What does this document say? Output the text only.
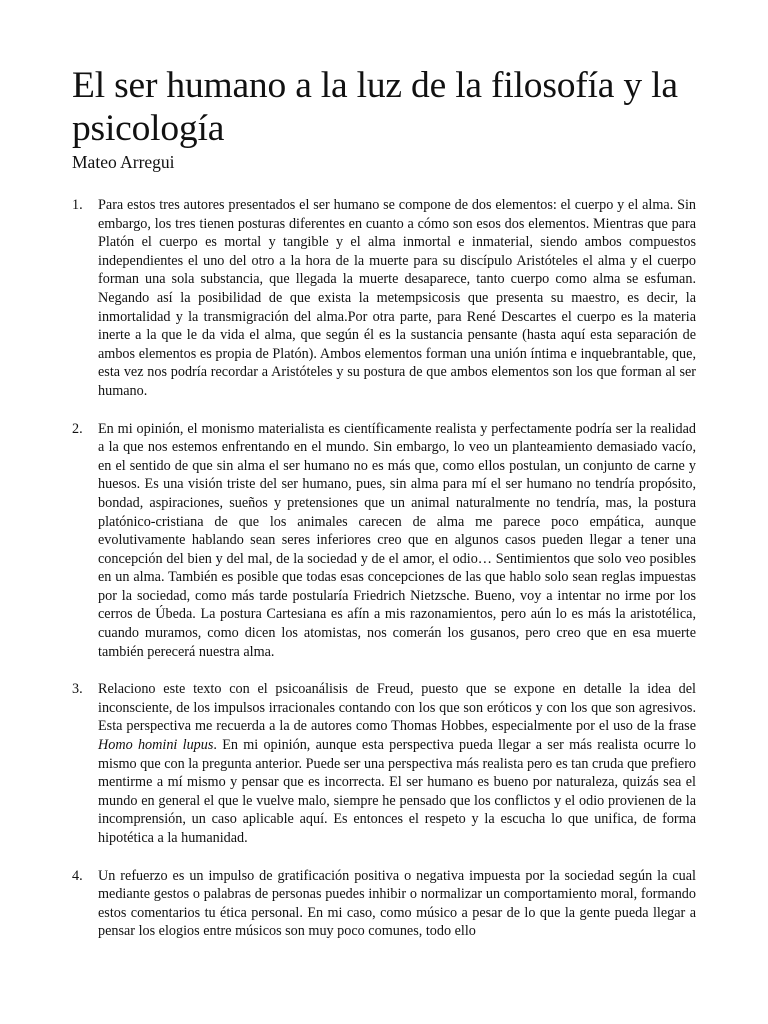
El ser humano a la luz de la filosofía y la psicología
Mateo Arregui
1. Para estos tres autores presentados el ser humano se compone de dos elementos: el cuerpo y el alma. Sin embargo, los tres tienen posturas diferentes en cuanto a cómo son esos dos elementos. Mientras que para Platón el cuerpo es mortal y tangible y el alma inmortal e inmaterial, siendo ambos compuestos independientes el uno del otro a la hora de la muerte para su discípulo Aristóteles el alma y el cuerpo forman una sola substancia, que llegada la muerte desaparece, tanto cuerpo como alma se esfuman. Negando así la posibilidad de que exista la metempsicosis que presenta su maestro, es decir, la inmortalidad y la transmigración del alma.Por otra parte, para René Descartes el cuerpo es la materia inerte a la que le da vida el alma, que según él es la sustancia pensante (hasta aquí esta separación de ambos elementos es propia de Platón). Ambos elementos forman una unión íntima e inquebrantable, que, esta vez nos podría recordar a Aristóteles y su postura de que ambos elementos son los que forman al ser humano.
2. En mi opinión, el monismo materialista es científicamente realista y perfectamente podría ser la realidad a la que nos estemos enfrentando en el mundo. Sin embargo, lo veo un planteamiento demasiado vacío, en el sentido de que sin alma el ser humano no es más que, como ellos postulan, un conjunto de carne y huesos. Es una visión triste del ser humano, pues, sin alma para mí el ser humano no tendría propósito, bondad, aspiraciones, sueños y pretensiones que un animal naturalmente no tendría, mas, la postura platónico-cristiana de que los animales carecen de alma me parece poco empática, aunque evolutivamente hablando sean seres inferiores creo que en algunos casos pueden llegar a tener una concepción del bien y del mal, de la sociedad y de el amor, el odio… Sentimientos que solo veo posibles en un alma. También es posible que todas esas concepciones de las que hablo solo sean reglas impuestas por la sociedad, como más tarde postularía Friedrich Nietzsche. Bueno, voy a intentar no irme por los cerros de Úbeda. La postura Cartesiana es afín a mis razonamientos, pero aún lo es más la aristotélica, cuando muramos, como dicen los atomistas, nos comerán los gusanos, pero creo que en esa muerte también perecerá nuestra alma.
3. Relaciono este texto con el psicoanálisis de Freud, puesto que se expone en detalle la idea del inconsciente, de los impulsos irracionales contando con los que son eróticos y con los que son agresivos. Esta perspectiva me recuerda a la de autores como Thomas Hobbes, especialmente por el uso de la frase Homo homini lupus. En mi opinión, aunque esta perspectiva pueda llegar a ser más realista ocurre lo mismo que con la pregunta anterior. Puede ser una perspectiva más realista pero es tan cruda que prefiero mentirme a mí mismo y pensar que es incorrecta. El ser humano es bueno por naturaleza, quizás sea el mundo en general el que le vuelve malo, siempre he pensado que los conflictos y el odio provienen de la incomprensión, un caso aplicable aquí. Es entonces el respeto y la escucha lo que unifica, de forma hipotética a la humanidad.
4. Un refuerzo es un impulso de gratificación positiva o negativa impuesta por la sociedad según la cual mediante gestos o palabras de personas puedes inhibir o normalizar un comportamiento moral, formando estos comentarios tu ética personal. En mi caso, como músico a pesar de lo que la gente pueda llegar a pensar los elogios entre músicos son muy poco comunes, todo ello
